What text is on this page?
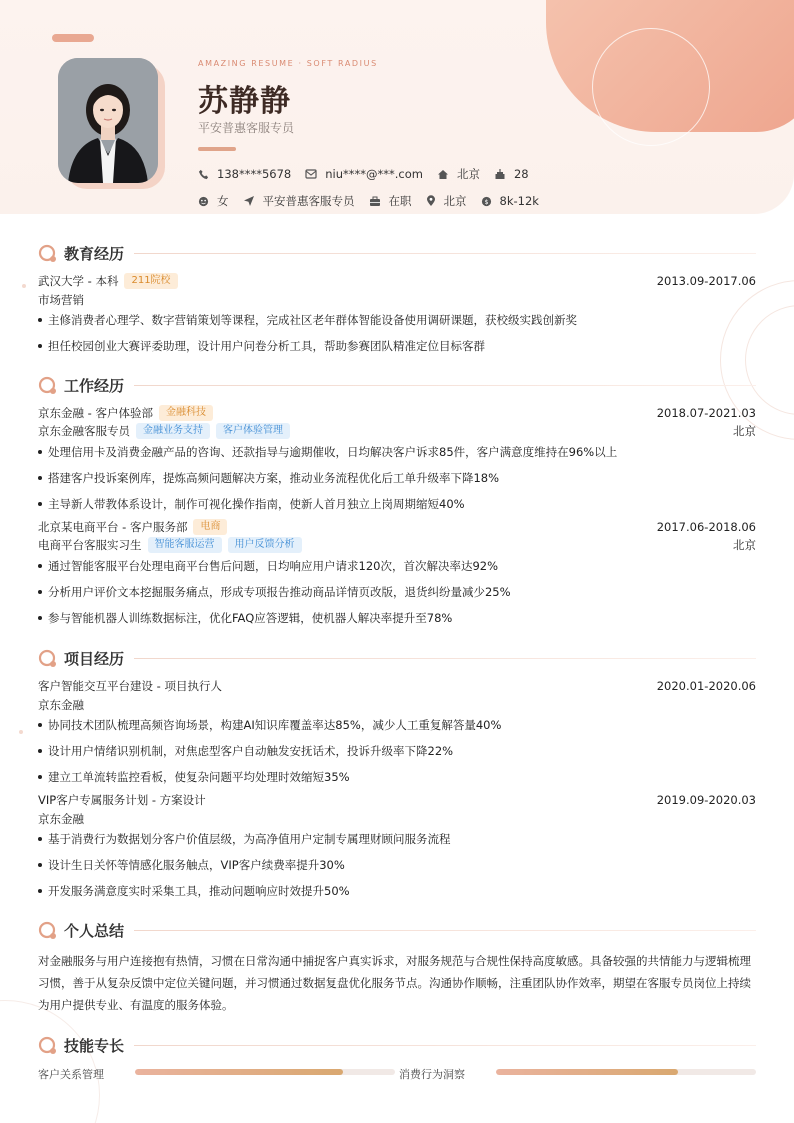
AMAZING RESUME · SOFT RADIUS
苏静静
平安普惠客服专员
138****5678	niu****@***.com	北京	28
女	平安普惠客服专员	在职	北京 $ 8k-12k
教育经历
武汉大学 - 本科	211院校	2013.09-2017.06
市场营销
主修消费者心理学、数字营销策划等课程，完成社区老年群体智能设备使用调研课题，获校级实践创新奖
担任校园创业大赛评委助理，设计用户问卷分析工具，帮助参赛团队精准定位目标客群
工作经历
京东金融 - 客户体验部	金融科技	2018.07-2021.03
京东金融客服专员	金融业务支持	客户体验管理	北京
处理信用卡及消费金融产品的咨询、还款指导与逾期催收，日均解决客户诉求85件，客户满意度维持在96%以上
搭建客户投诉案例库，提炼高频问题解决方案，推动业务流程优化后工单升级率下降18%
主导新人带教体系设计，制作可视化操作指南，使新人首月独立上岗周期缩短40%
北京某电商平台 - 客户服务部	电商	2017.06-2018.06
电商平台客服实习生	智能客服运营	用户反馈分析	北京
通过智能客服平台处理电商平台售后问题，日均响应用户请求120次，首次解决率达92%
分析用户评价文本挖掘服务痛点，形成专项报告推动商品详情页改版，退货纠纷量减少25%
参与智能机器人训练数据标注，优化FAQ应答逻辑，使机器人解决率提升至78%
项目经历
客户智能交互平台建设 - 项目执行人	2020.01-2020.06
京东金融
协同技术团队梳理高频咨询场景，构建AI知识库覆盖率达85%，减少人工重复解答量40%
设计用户情绪识别机制，对焦虑型客户自动触发安抚话术，投诉升级率下降22%
建立工单流转监控看板，使复杂问题平均处理时效缩短35%
VIP客户专属服务计划 - 方案设计	2019.09-2020.03
京东金融
基于消费行为数据划分客户价值层级，为高净值用户定制专属理财顾问服务流程
设计生日关怀等情感化服务触点，VIP客户续费率提升30%
开发服务满意度实时采集工具，推动问题响应时效提升50%
个人总结
对金融服务与用户连接抱有热情，习惯在日常沟通中捕捉客户真实诉求，对服务规范与合规性保持高度敏感。具备较强的共情能力与逻辑梳理习惯，善于从复杂反馈中定位关键问题，并习惯通过数据复盘优化服务节点。沟通协作顺畅，注重团队协作效率，期望在客服专员岗位上持续为用户提供专业、有温度的服务体验。
技能专长
客户关系管理	消费行为洞察
